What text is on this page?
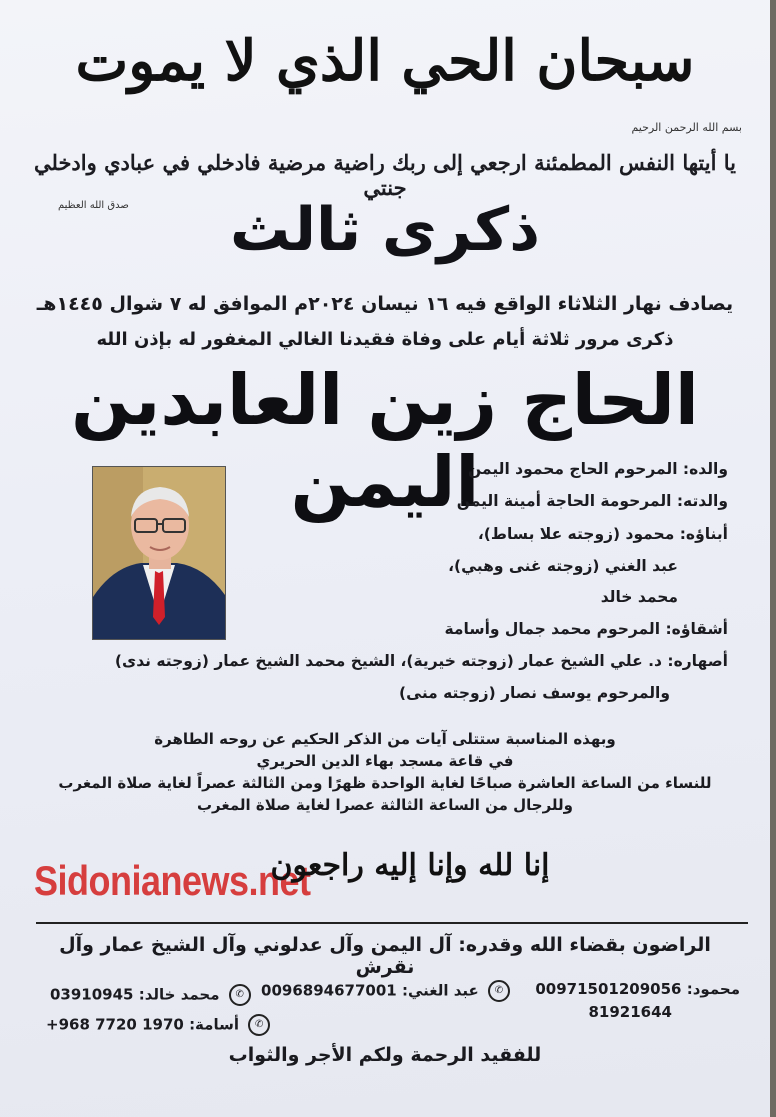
سبحان الحي الذي لا يموت
بسم الله الرحمن الرحيم
يا أيتها النفس المطمئنة ارجعي إلى ربك راضية مرضية فادخلي في عبادي وادخلي جنتي
صدق الله العظيم	ذكرى ثالث
يصادف نهار الثلاثاء الواقع فيه ١٦ نيسان ٢٠٢٤م الموافق له ٧ شوال ١٤٤٥هـ
ذكرى مرور ثلاثة أيام على وفاة فقيدنا الغالي المغفور له بإذن الله
الحاج زين العابدين اليمن	والده: المرحوم الحاج محمود اليمن
والدته: المرحومة الحاجة أمينة اليمن
أبناؤه: محمود (زوجته علا بساط)،
عبد الغني (زوجته غنى وهبي)،
محمد خالد
أشقاؤه: المرحوم محمد جمال وأسامة
أصهاره: د. علي الشيخ عمار (زوجته خيرية)، الشيخ محمد الشيخ عمار (زوجته ندى)
والمرحوم يوسف نصار (زوجته منى)
وبهذه المناسبة ستتلى آيات من الذكر الحكيم عن روحه الطاهرة
في قاعة مسجد بهاء الدين الحريري
للنساء من الساعة العاشرة صباحًا لغاية الواحدة ظهرًا ومن الثالثة عصراً لغاية صلاة المغرب
وللرجال من الساعة الثالثة عصرا لغاية صلاة المغرب
Sidonianews.net
إنا لله وإنا إليه راجعون
الراضون بقضاء الله وقدره: آل اليمن وآل عدلوني وآل الشيخ عمار وآل نقرش
محمود: 00971501209056
81921644
✆ عبد الغني: 0096894677001
✆ محمد خالد: 03910945
✆ أسامة: +968 7720 1970
للفقيد الرحمة ولكم الأجر والثواب
